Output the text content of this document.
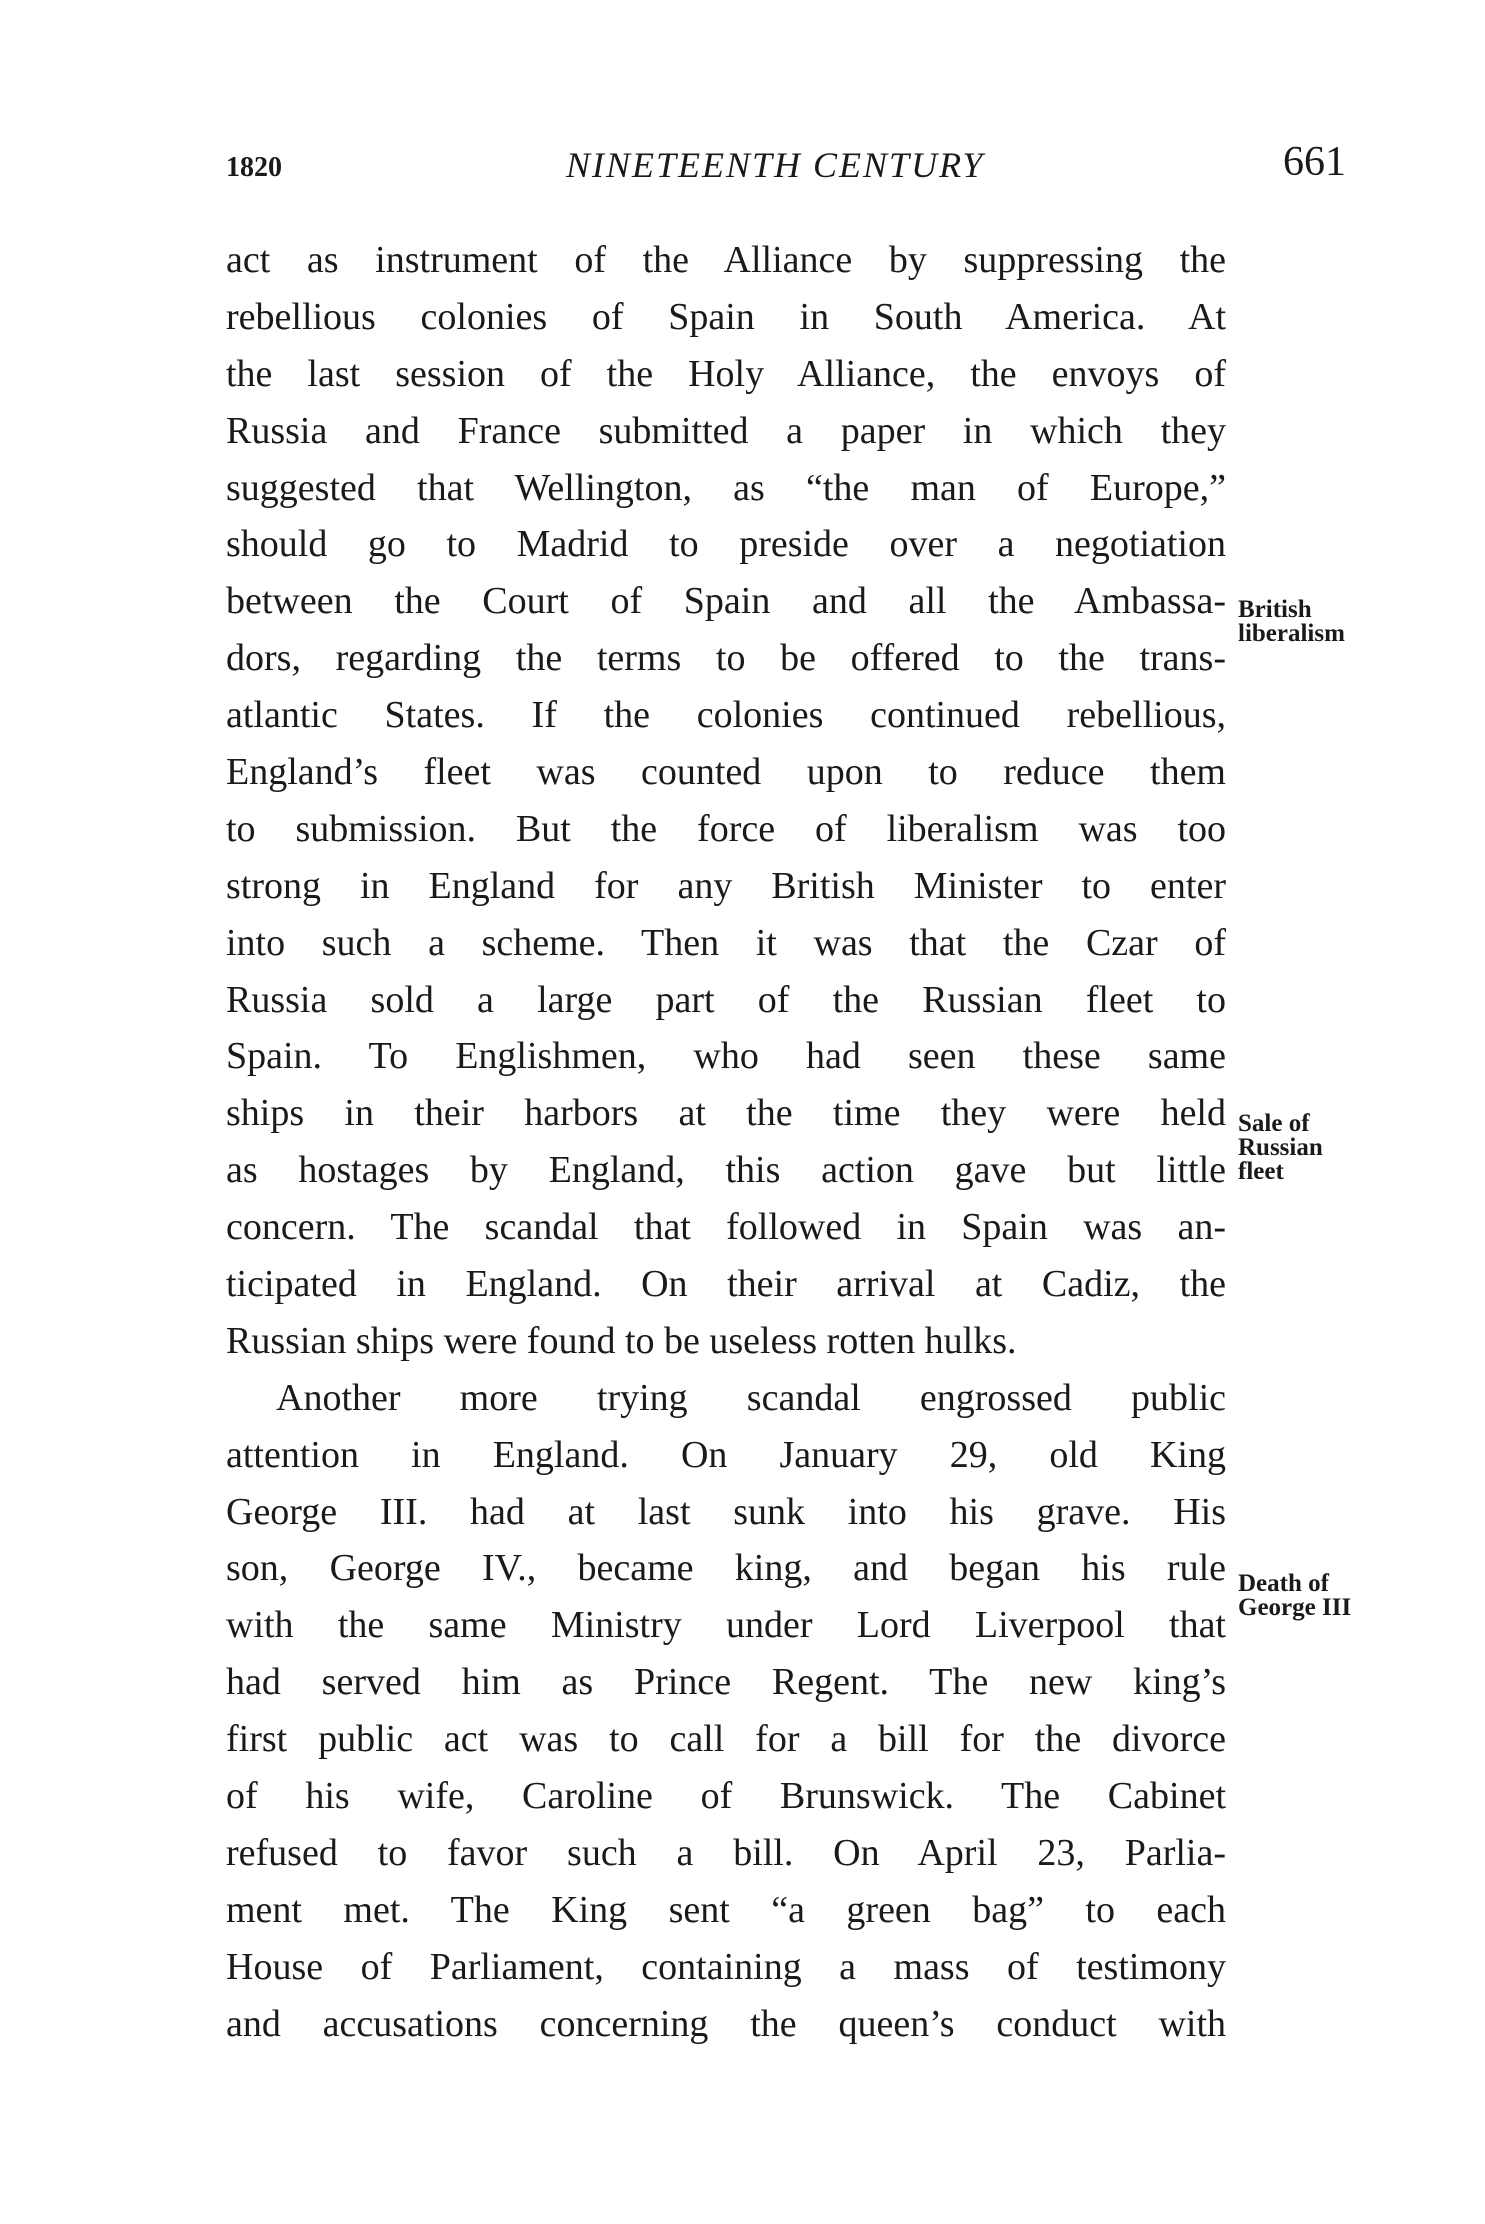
1820	NINETEENTH CENTURY	661
act as instrument of the Alliance by suppressing the
rebellious colonies of Spain in South America. At
the last session of the Holy Alliance, the envoys of
Russia and France submitted a paper in which they
suggested that Wellington, as “the man of Europe,”
should go to Madrid to preside over a negotiation
between the Court of Spain and all the Ambassa-
dors, regarding the terms to be offered to the trans-
atlantic States. If the colonies continued rebellious,
England’s fleet was counted upon to reduce them
to submission. But the force of liberalism was too
strong in England for any British Minister to enter
into such a scheme. Then it was that the Czar of
Russia sold a large part of the Russian fleet to
Spain. To Englishmen, who had seen these same
ships in their harbors at the time they were held
as hostages by England, this action gave but little
concern. The scandal that followed in Spain was an-
ticipated in England. On their arrival at Cadiz, the
Russian ships were found to be useless rotten hulks.
Another more trying scandal engrossed public
attention in England. On January 29, old King
George III. had at last sunk into his grave. His
son, George IV., became king, and began his rule
with the same Ministry under Lord Liverpool that
had served him as Prince Regent. The new king’s
first public act was to call for a bill for the divorce
of his wife, Caroline of Brunswick. The Cabinet
refused to favor such a bill. On April 23, Parlia-
ment met. The King sent “a green bag” to each
House of Parliament, containing a mass of testimony
and accusations concerning the queen’s conduct with
British
liberalism
Sale of
Russian
fleet
Death of
George III
